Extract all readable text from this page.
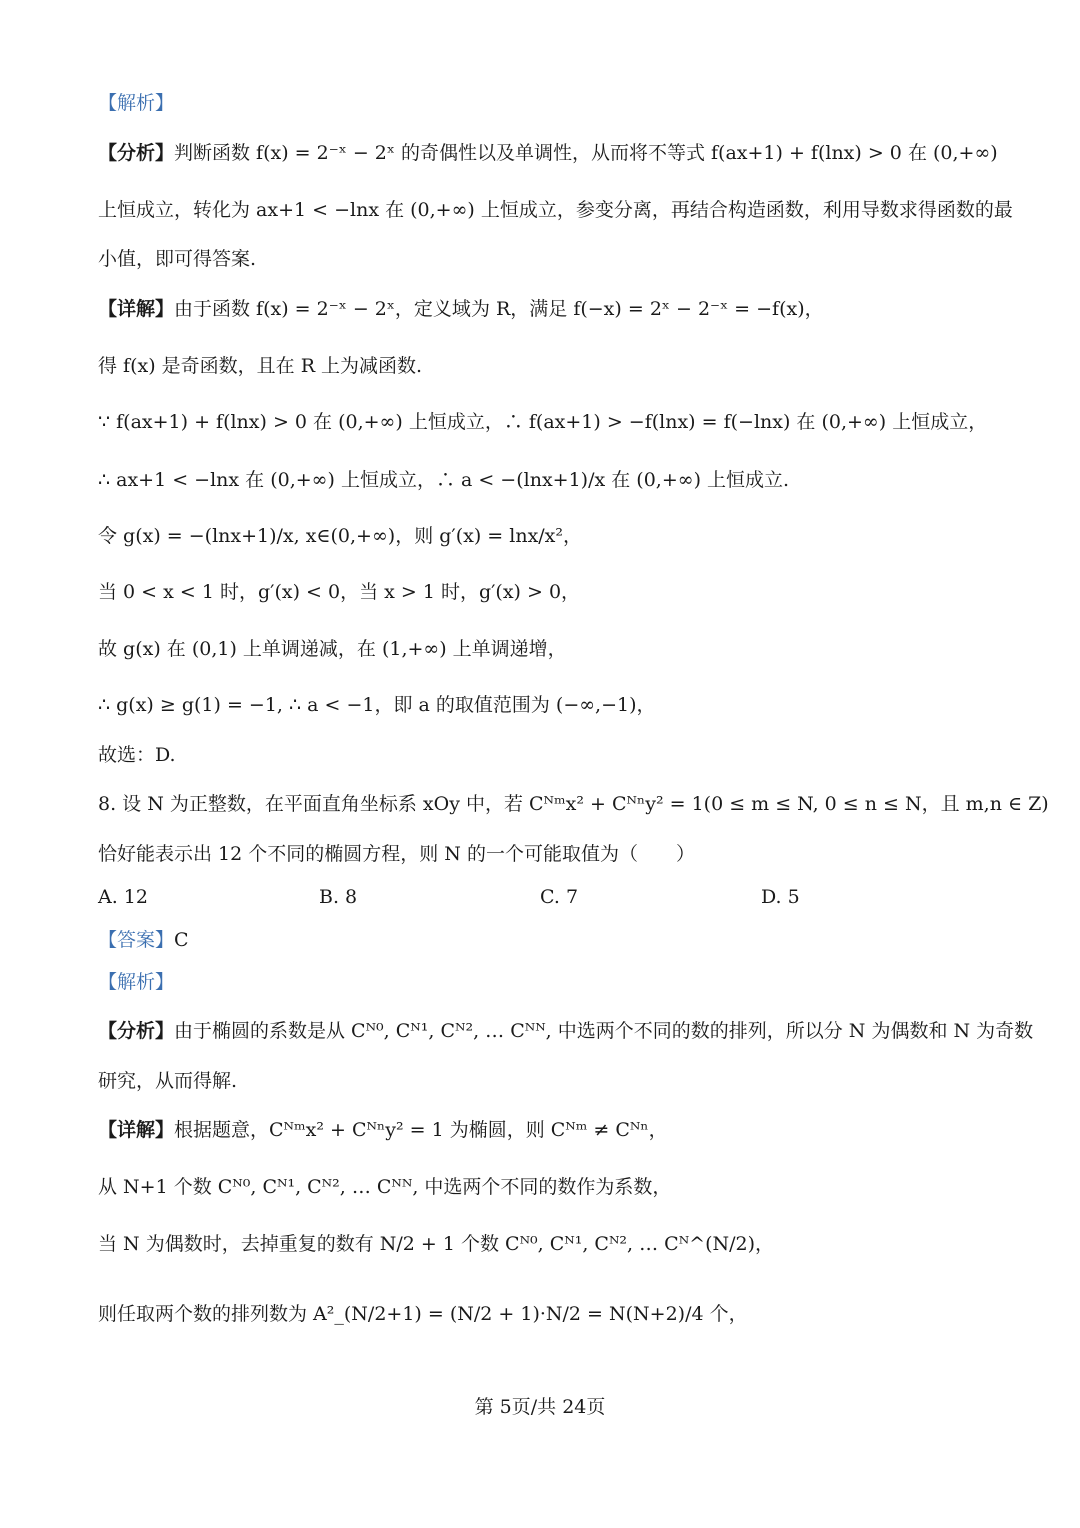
【解析】
【分析】判断函数 f(x) = 2⁻ˣ − 2ˣ 的奇偶性以及单调性，从而将不等式 f(ax+1) + f(lnx) > 0 在 (0,+∞)
上恒成立，转化为 ax+1 < −lnx 在 (0,+∞) 上恒成立，参变分离，再结合构造函数，利用导数求得函数的最
小值，即可得答案.
【详解】由于函数 f(x) = 2⁻ˣ − 2ˣ，定义域为 R，满足 f(−x) = 2ˣ − 2⁻ˣ = −f(x)，
得 f(x) 是奇函数，且在 R 上为减函数.
∵ f(ax+1) + f(lnx) > 0 在 (0,+∞) 上恒成立，∴ f(ax+1) > −f(lnx) = f(−lnx) 在 (0,+∞) 上恒成立，
∴ ax+1 < −lnx 在 (0,+∞) 上恒成立，∴ a < −(lnx+1)/x 在 (0,+∞) 上恒成立.
令 g(x) = −(lnx+1)/x, x∈(0,+∞)，则 g′(x) = lnx/x²，
当 0 < x < 1 时，g′(x) < 0，当 x > 1 时，g′(x) > 0，
故 g(x) 在 (0,1) 上单调递减，在 (1,+∞) 上单调递增，
∴ g(x) ≥ g(1) = −1, ∴ a < −1，即 a 的取值范围为 (−∞,−1)，
故选：D.
8. 设 N 为正整数，在平面直角坐标系 xOy 中，若 Cᴺᵐx² + Cᴺⁿy² = 1(0 ≤ m ≤ N, 0 ≤ n ≤ N，且 m,n ∈ Z)
恰好能表示出 12 个不同的椭圆方程，则 N 的一个可能取值为（　　）
A. 12	B. 8	C. 7	D. 5
【答案】C
【解析】
【分析】由于椭圆的系数是从 Cᴺ⁰, Cᴺ¹, Cᴺ², … Cᴺᴺ, 中选两个不同的数的排列，所以分 N 为偶数和 N 为奇数
研究，从而得解.
【详解】根据题意，Cᴺᵐx² + Cᴺⁿy² = 1 为椭圆，则 Cᴺᵐ ≠ Cᴺⁿ，
从 N+1 个数 Cᴺ⁰, Cᴺ¹, Cᴺ², … Cᴺᴺ, 中选两个不同的数作为系数，
当 N 为偶数时，去掉重复的数有 N/2 + 1 个数 Cᴺ⁰, Cᴺ¹, Cᴺ², … Cᴺ^(N/2)，
则任取两个数的排列数为 A²_(N/2+1) = (N/2 + 1)·N/2 = N(N+2)/4 个，
第 5页/共 24页
